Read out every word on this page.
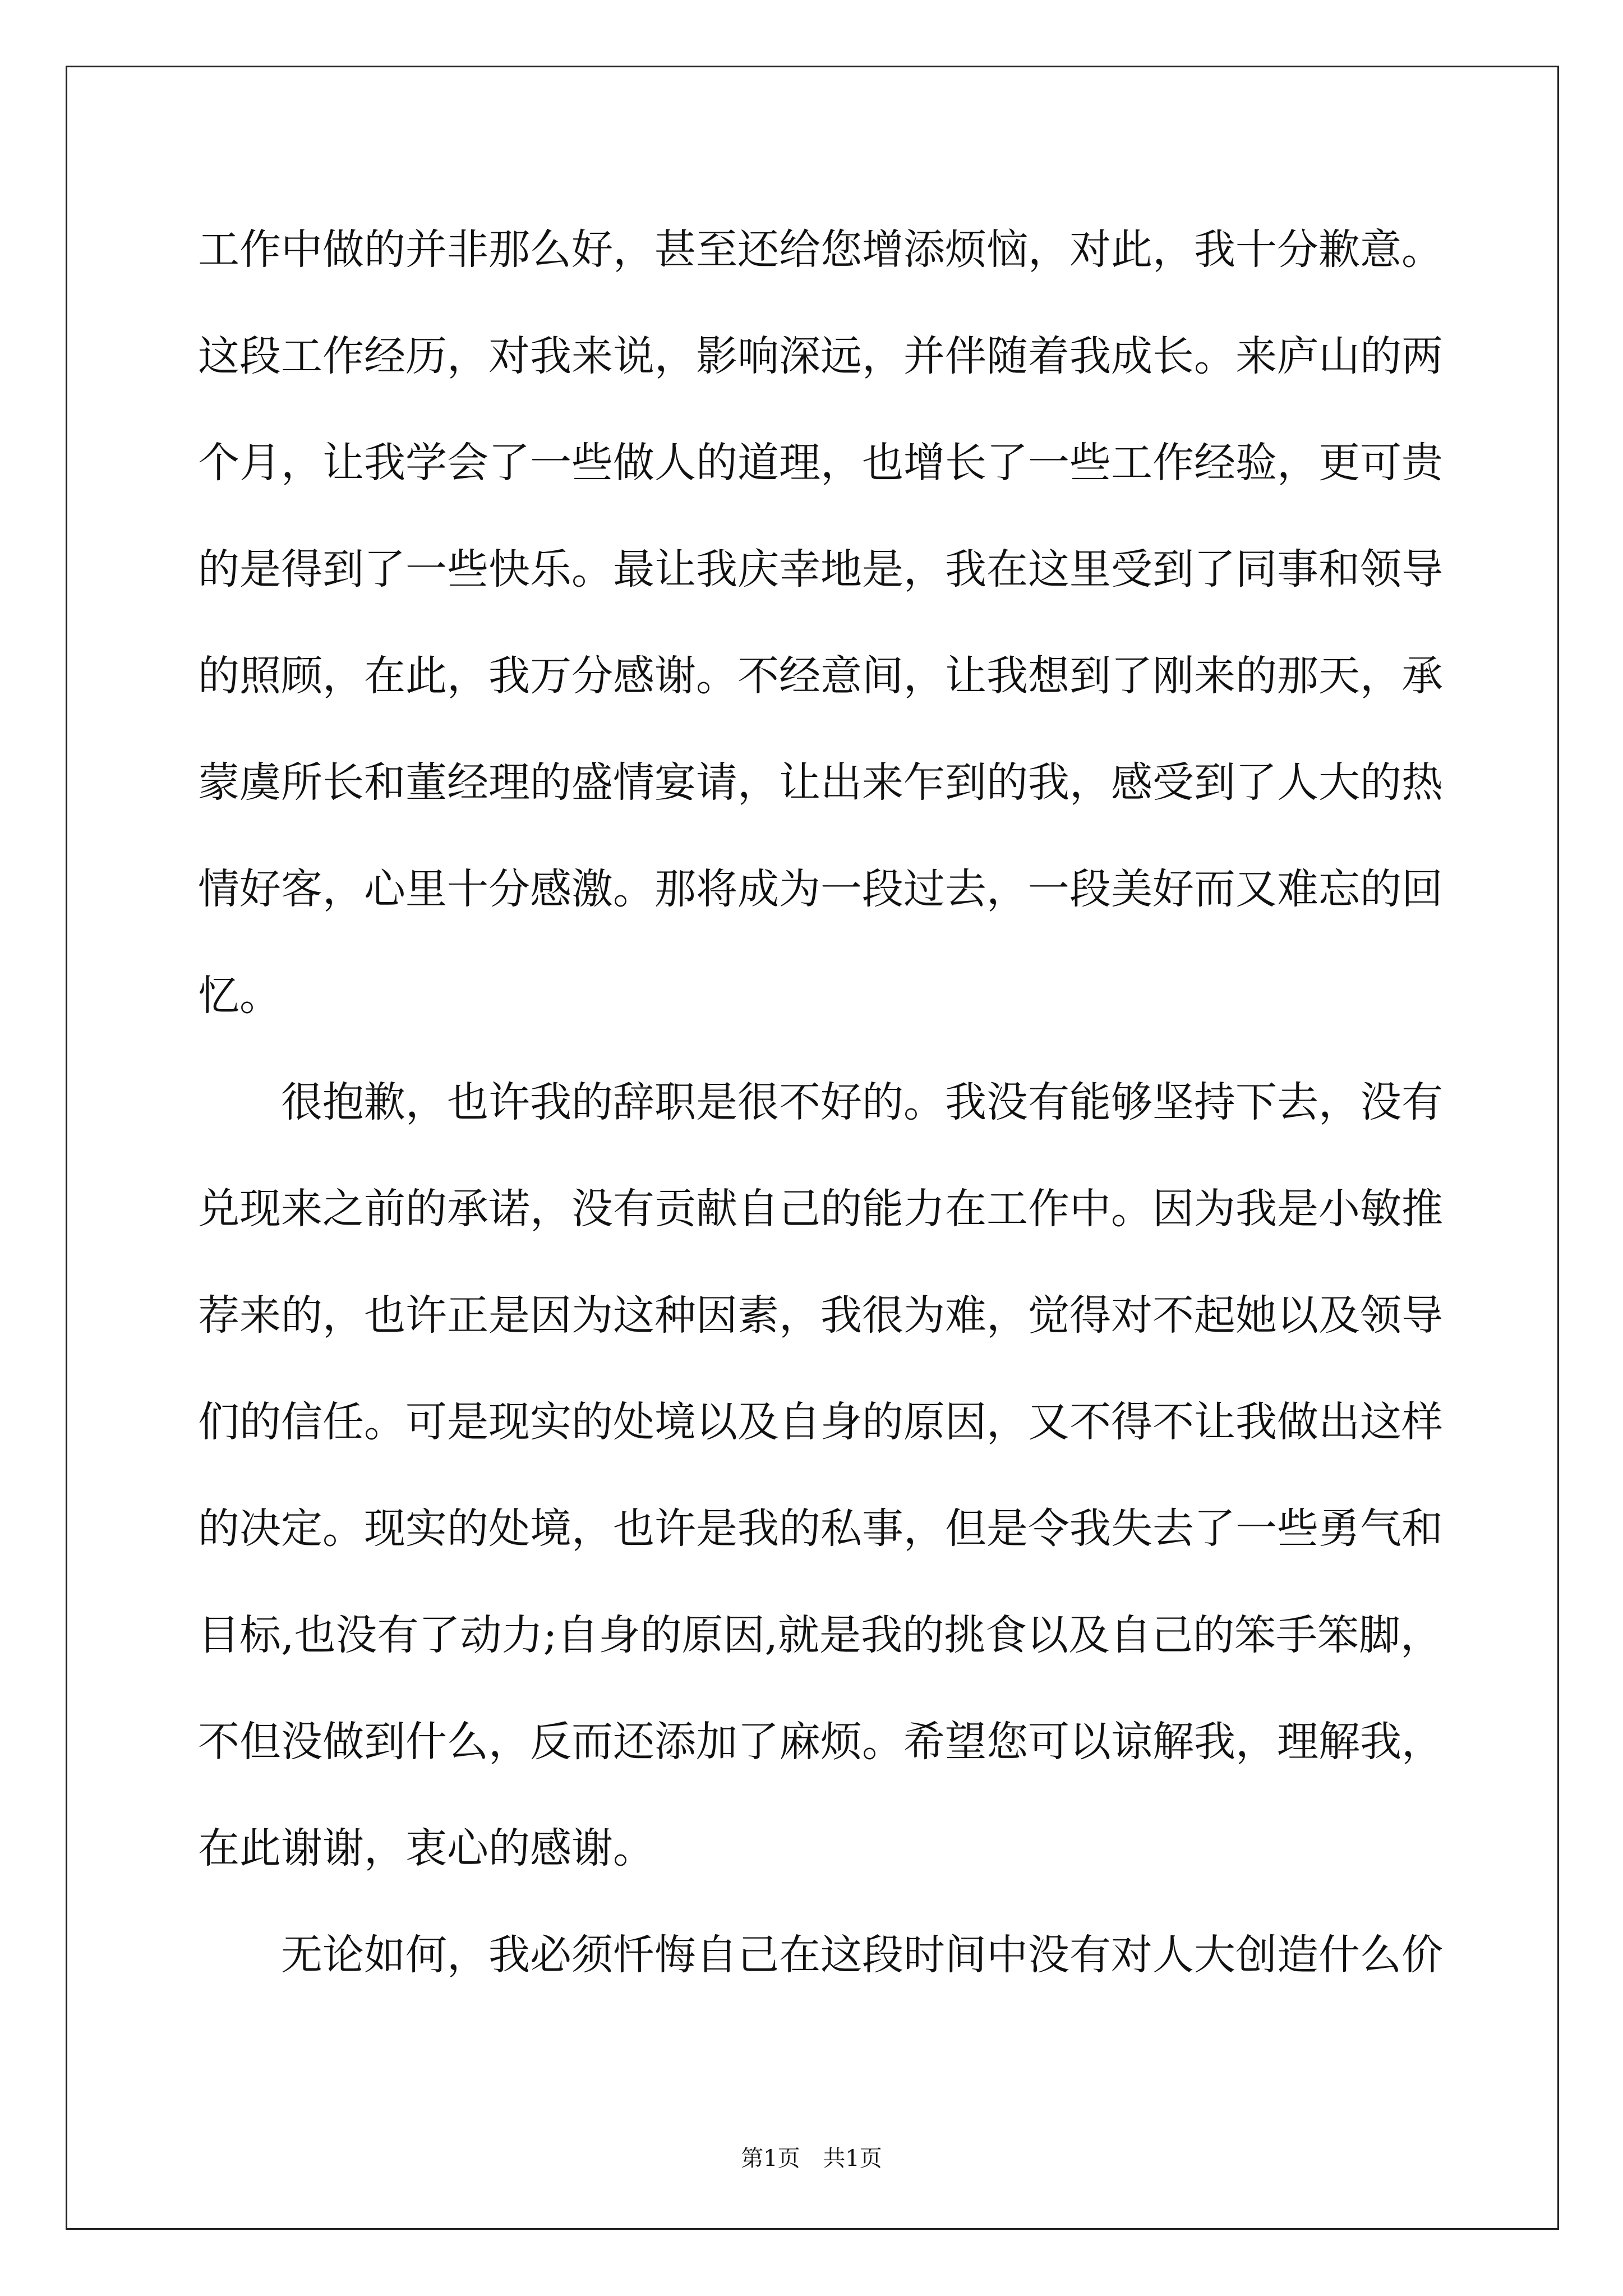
工作中做的并非那么好，甚至还给您增添烦恼，对此，我十分歉意。
这段工作经历，对我来说，影响深远，并伴随着我成长。来庐山的两
个月，让我学会了一些做人的道理，也增长了一些工作经验，更可贵
的是得到了一些快乐。最让我庆幸地是，我在这里受到了同事和领导
的照顾，在此，我万分感谢。不经意间，让我想到了刚来的那天，承
蒙虞所长和董经理的盛情宴请，让出来乍到的我，感受到了人大的热
情好客，心里十分感激。那将成为一段过去，一段美好而又难忘的回
忆。
很抱歉，也许我的辞职是很不好的。我没有能够坚持下去，没有
兑现来之前的承诺，没有贡献自己的能力在工作中。因为我是小敏推
荐来的，也许正是因为这种因素，我很为难，觉得对不起她以及领导
们的信任。可是现实的处境以及自身的原因，又不得不让我做出这样
的决定。现实的处境，也许是我的私事，但是令我失去了一些勇气和
目标,也没有了动力;自身的原因,就是我的挑食以及自己的笨手笨脚，
不但没做到什么，反而还添加了麻烦。希望您可以谅解我，理解我，
在此谢谢，衷心的感谢。
无论如何，我必须忏悔自己在这段时间中没有对人大创造什么价
第1页 共1页
